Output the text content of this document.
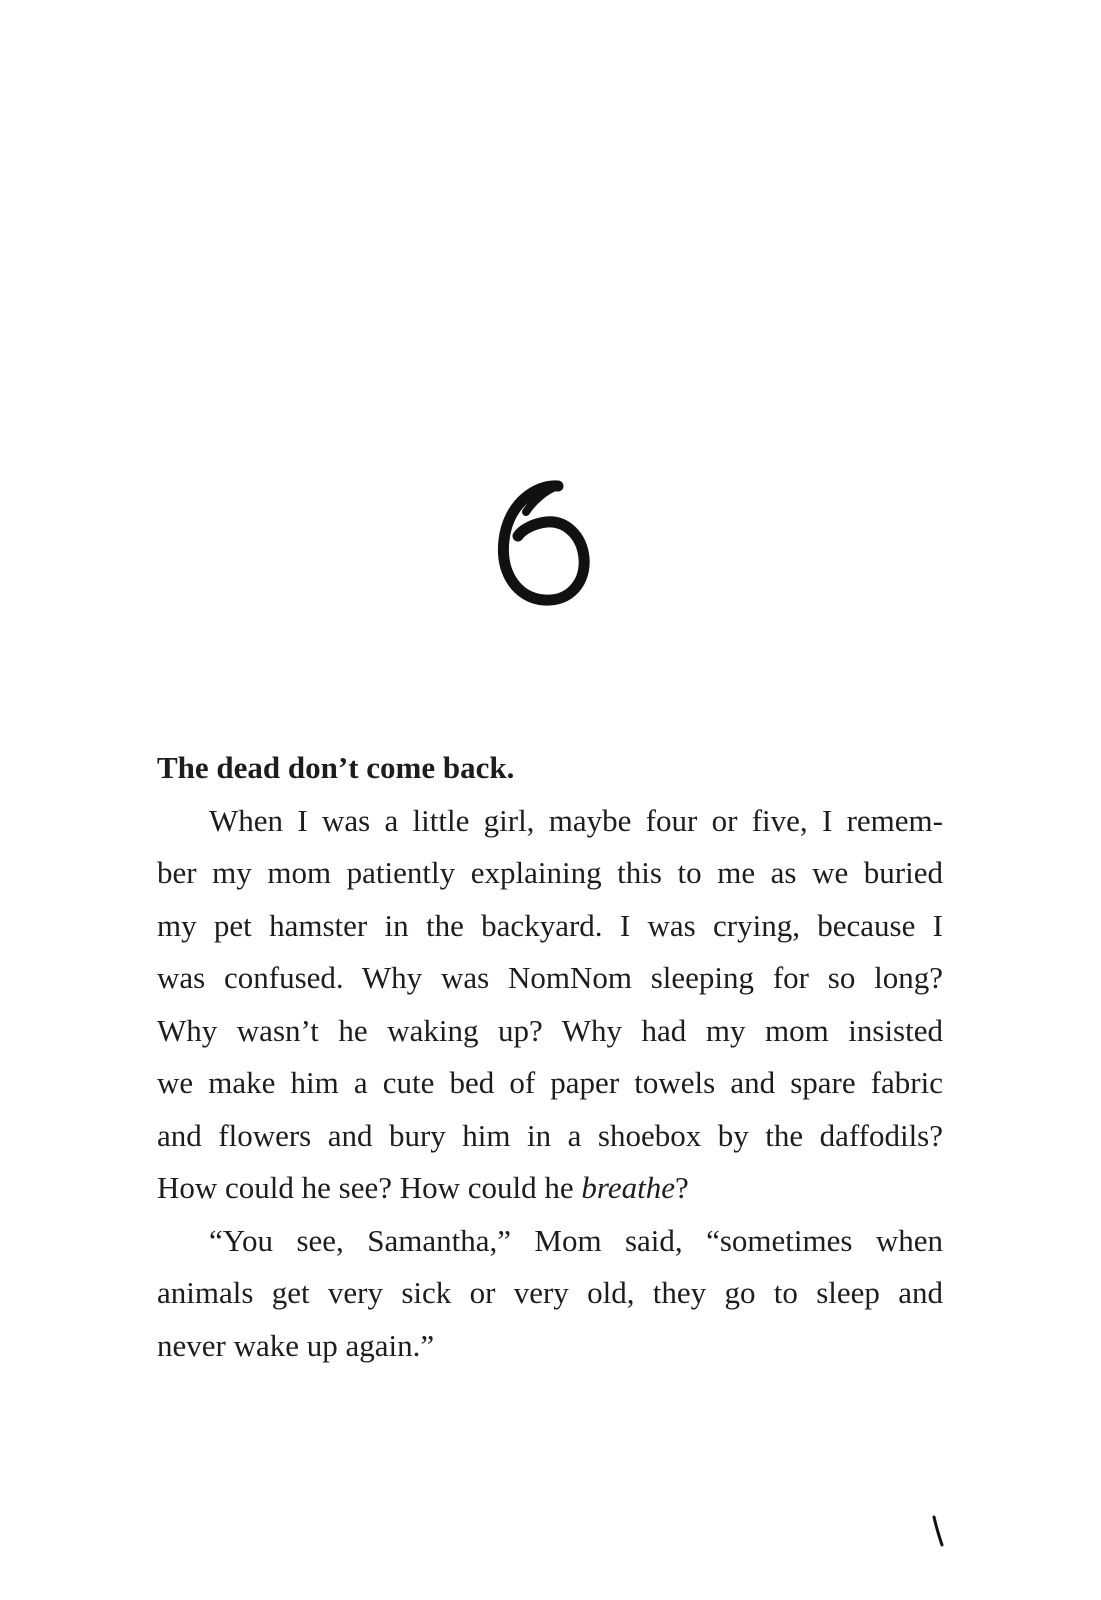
The dead don’t come back.

When I was a little girl, maybe four or five, I remem-
ber my mom patiently explaining this to me as we buried
my pet hamster in the backyard. I was crying, because I
was confused. Why was NomNom sleeping for so long?
Why wasn’t he waking up? Why had my mom insisted
we make him a cute bed of paper towels and spare fabric
and flowers and bury him in a shoebox by the daffodils?
How could he see? How could he breathe?
“You see, Samantha,” Mom said, “sometimes when
animals get very sick or very old, they go to sleep and
never wake up again.”
